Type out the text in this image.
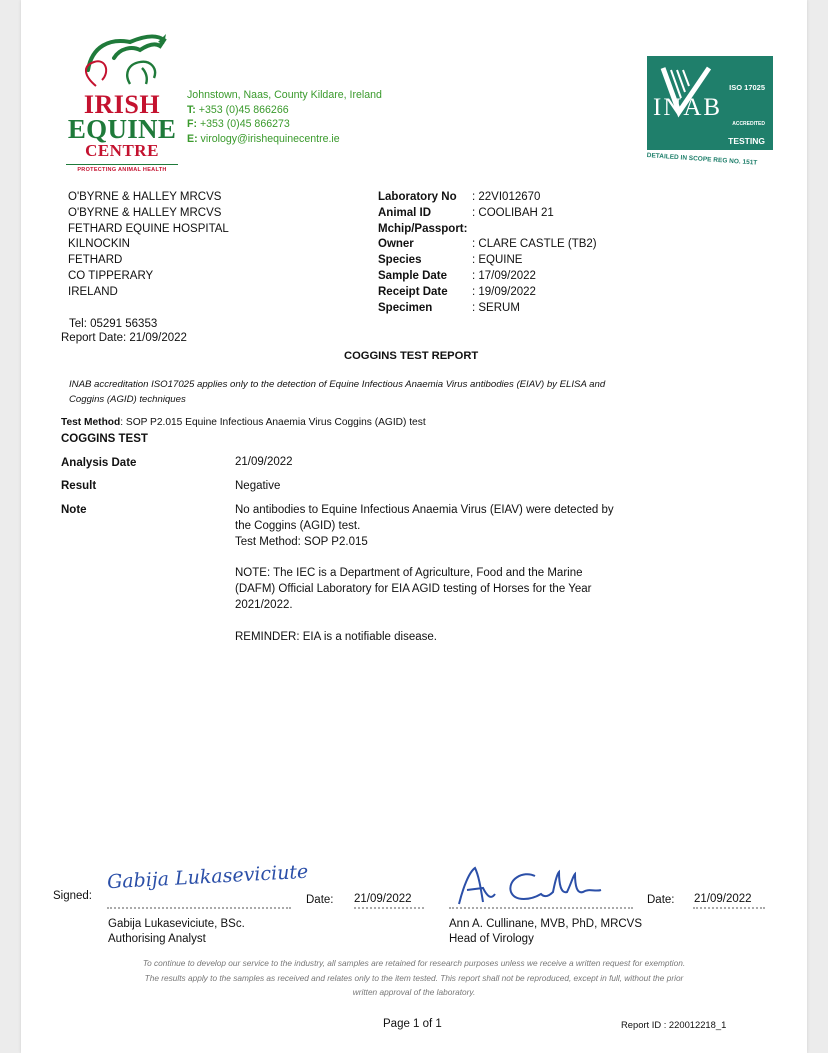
IRISH
EQUINE
CENTRE
PROTECTING ANIMAL HEALTH
Johnstown, Naas, County Kildare, Ireland
T: +353 (0)45 866266
F: +353 (0)45 866273
E: virology@irishequinecentre.ie
ISO 17025
INAB
ACCREDITED
TESTING
DETAILED IN SCOPE REG NO. 151T
O'BYRNE & HALLEY MRCVS
O'BYRNE & HALLEY MRCVS
FETHARD EQUINE HOSPITAL
KILNOCKIN
FETHARD
CO TIPPERARY
IRELAND
Tel: 05291 56353
Report Date: 21/09/2022
Laboratory No	: 22VI012670
Animal ID	: COOLIBAH 21
Mchip/Passport:
Owner	: CLARE CASTLE (TB2)
Species	: EQUINE
Sample Date	: 17/09/2022
Receipt Date	: 19/09/2022
Specimen	: SERUM
COGGINS TEST REPORT
INAB accreditation ISO17025 applies only to the detection of Equine Infectious Anaemia Virus antibodies (EIAV) by ELISA and
Coggins (AGID) techniques
Test Method: SOP P2.015 Equine Infectious Anaemia Virus Coggins (AGID) test
COGGINS TEST
Analysis Date	21/09/2022
Result	Negative
Note	No antibodies to Equine Infectious Anaemia Virus (EIAV) were detected by
the Coggins (AGID) test.
Test Method: SOP P2.015
NOTE: The IEC is a Department of Agriculture, Food and the Marine
(DAFM) Official Laboratory for EIA AGID testing of Horses for the Year
2021/2022.
REMINDER: EIA is a notifiable disease.
Signed:
Gabija Lukaseviciute
Date: 21/09/2022
Gabija Lukaseviciute, BSc.
Authorising Analyst
Date: 21/09/2022
Ann A. Cullinane, MVB, PhD, MRCVS
Head of Virology
To continue to develop our service to the industry, all samples are retained for research purposes unless we receive a written request for exemption.
The results apply to the samples as received and relates only to the item tested. This report shall not be reproduced, except in full, without the prior
written approval of the laboratory.
Page 1 of 1	Report ID : 220012218_1
